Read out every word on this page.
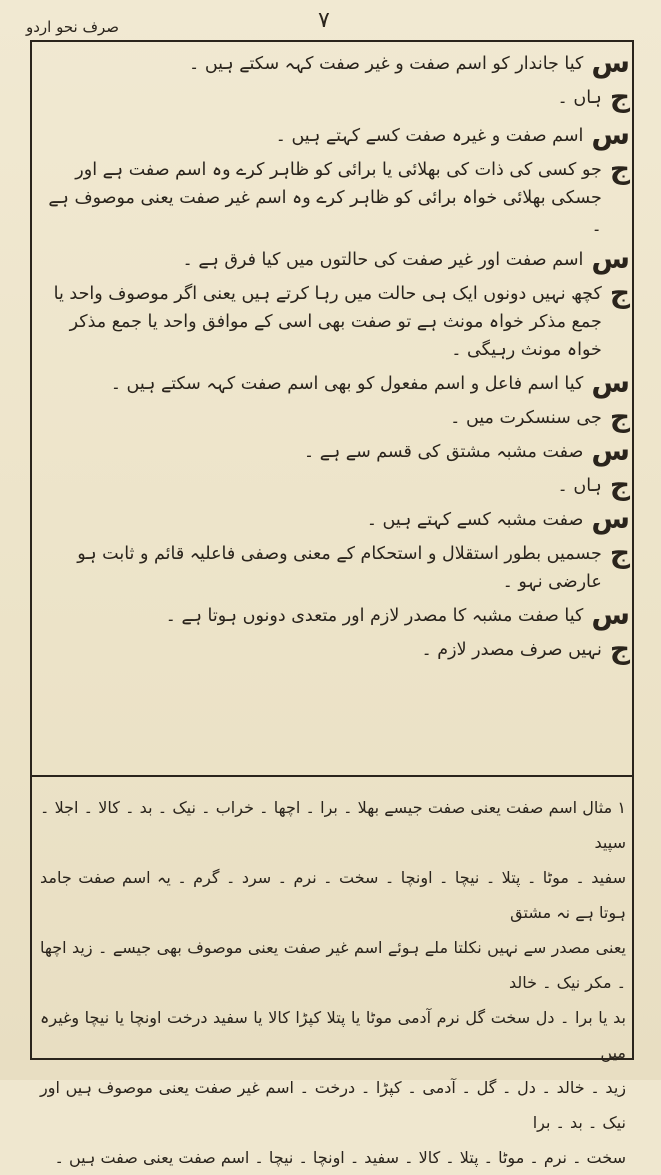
۷
صرف نحو اردو
س
کیا جاندار کو اسم صفت و غیر صفت کہہ سکتے ہیں ۔
ج
ہاں ۔
س
اسم صفت و غیرہ صفت کسے کہتے ہیں ۔
ج
جو کسی کی ذات کی بھلائی یا برائی کو ظاہر کرے وہ اسم صفت ہے اور جسکی بھلائی خواہ برائی کو ظاہر کرے وہ اسم غیر صفت یعنی موصوف ہے ۔
س
اسم صفت اور غیر صفت کی حالتوں میں کیا فرق ہے ۔
ج
کچھ نہیں دونوں ایک ہی حالت میں رہا کرتے ہیں یعنی اگر موصوف واحد یا جمع مذکر خواہ مونث ہے تو صفت بھی اسی کے موافق واحد یا جمع مذکر خواہ مونث رہیگی ۔
س
کیا اسم فاعل و اسم مفعول کو بھی اسم صفت کہہ سکتے ہیں ۔
ج
جی سنسکرت میں ۔
س
صفت مشبہ مشتق کی قسم سے ہے ۔
ج
ہاں ۔
س
صفت مشبہ کسے کہتے ہیں ۔
ج
جسمیں بطور استقلال و استحکام کے معنی وصفی فاعلیہ قائم و ثابت ہو عارضی نہو ۔
س
کیا صفت مشبہ کا مصدر لازم اور متعدی دونوں ہوتا ہے ۔
ج
نہیں صرف مصدر لازم ۔

۱ مثال اسم صفت یعنی صفت جیسے بھلا ۔ برا ۔ اچھا ۔ خراب ۔ نیک ۔ بد ۔ کالا ۔ اجلا ۔ سپید

سفید ۔ موٹا ۔ پتلا ۔ نیچا ۔ اونچا ۔ سخت ۔ نرم ۔ سرد ۔ گرم ۔ یہ اسم صفت جامد ہوتا ہے نہ مشتق

یعنی مصدر سے نہیں نکلتا ملے ہوئے اسم غیر صفت یعنی موصوف بھی جیسے ۔ زید اچھا ۔ مکر نیک ۔ خالد

بد یا برا ۔ دل سخت گل نرم آدمی موٹا یا پتلا کپڑا کالا یا سفید درخت اونچا یا نیچا وغیرہ میں

زید ۔ خالد ۔ دل ۔ گل ۔ آدمی ۔ کپڑا ۔ درخت ۔ اسم غیر صفت یعنی موصوف ہیں اور نیک ۔ بد ۔ برا

سخت ۔ نرم ۔ موٹا ۔ پتلا ۔ کالا ۔ سفید ۔ اونچا ۔ نیچا ۔ اسم صفت یعنی صفت ہیں ۔
